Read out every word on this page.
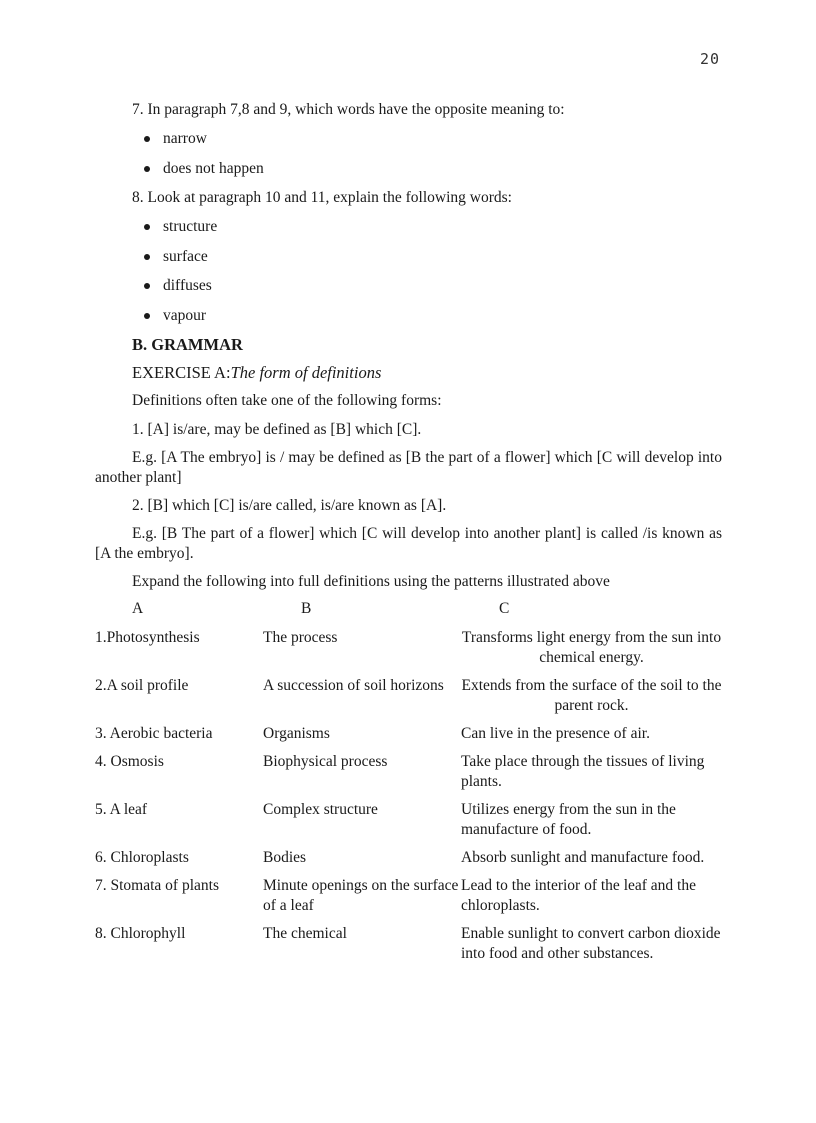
20

7. In paragraph 7,8 and 9, which words have the opposite meaning to:

narrow
does not happen

8. Look at paragraph 10 and 11, explain the following words:

structure
surface
diffuses
vapour

B. GRAMMAR

EXERCISE A:The form of definitions

Definitions often take one of the following forms:

1. [A] is/are, may be defined as [B] which [C].

E.g. [A The embryo] is / may be defined as [B the part of a flower] which [C will develop into another plant]

2. [B] which [C] is/are called, is/are known as [A].

E.g. [B The part of a flower] which [C will develop into another plant] is called /is known as [A the embryo].

Expand the following into full definitions using the patterns illustrated above

A	B	C
1.Photosynthesis	The process	Transforms light energy from the sun into chemical energy.
2.A soil profile	A succession of soil horizons	Extends from the surface of the soil to the parent rock.
3. Aerobic bacteria	Organisms	Can live in the presence of air.
4. Osmosis	Biophysical process	Take place through the tissues of living plants.
5. A leaf	Complex structure	Utilizes energy from the sun in the manufacture of food.
6. Chloroplasts	Bodies	Absorb sunlight and manufacture food.
7. Stomata of plants	Minute openings on the surface of a leaf	Lead to the interior of the leaf and the chloroplasts.
8. Chlorophyll	The chemical	Enable sunlight to convert carbon dioxide into food and other substances.
